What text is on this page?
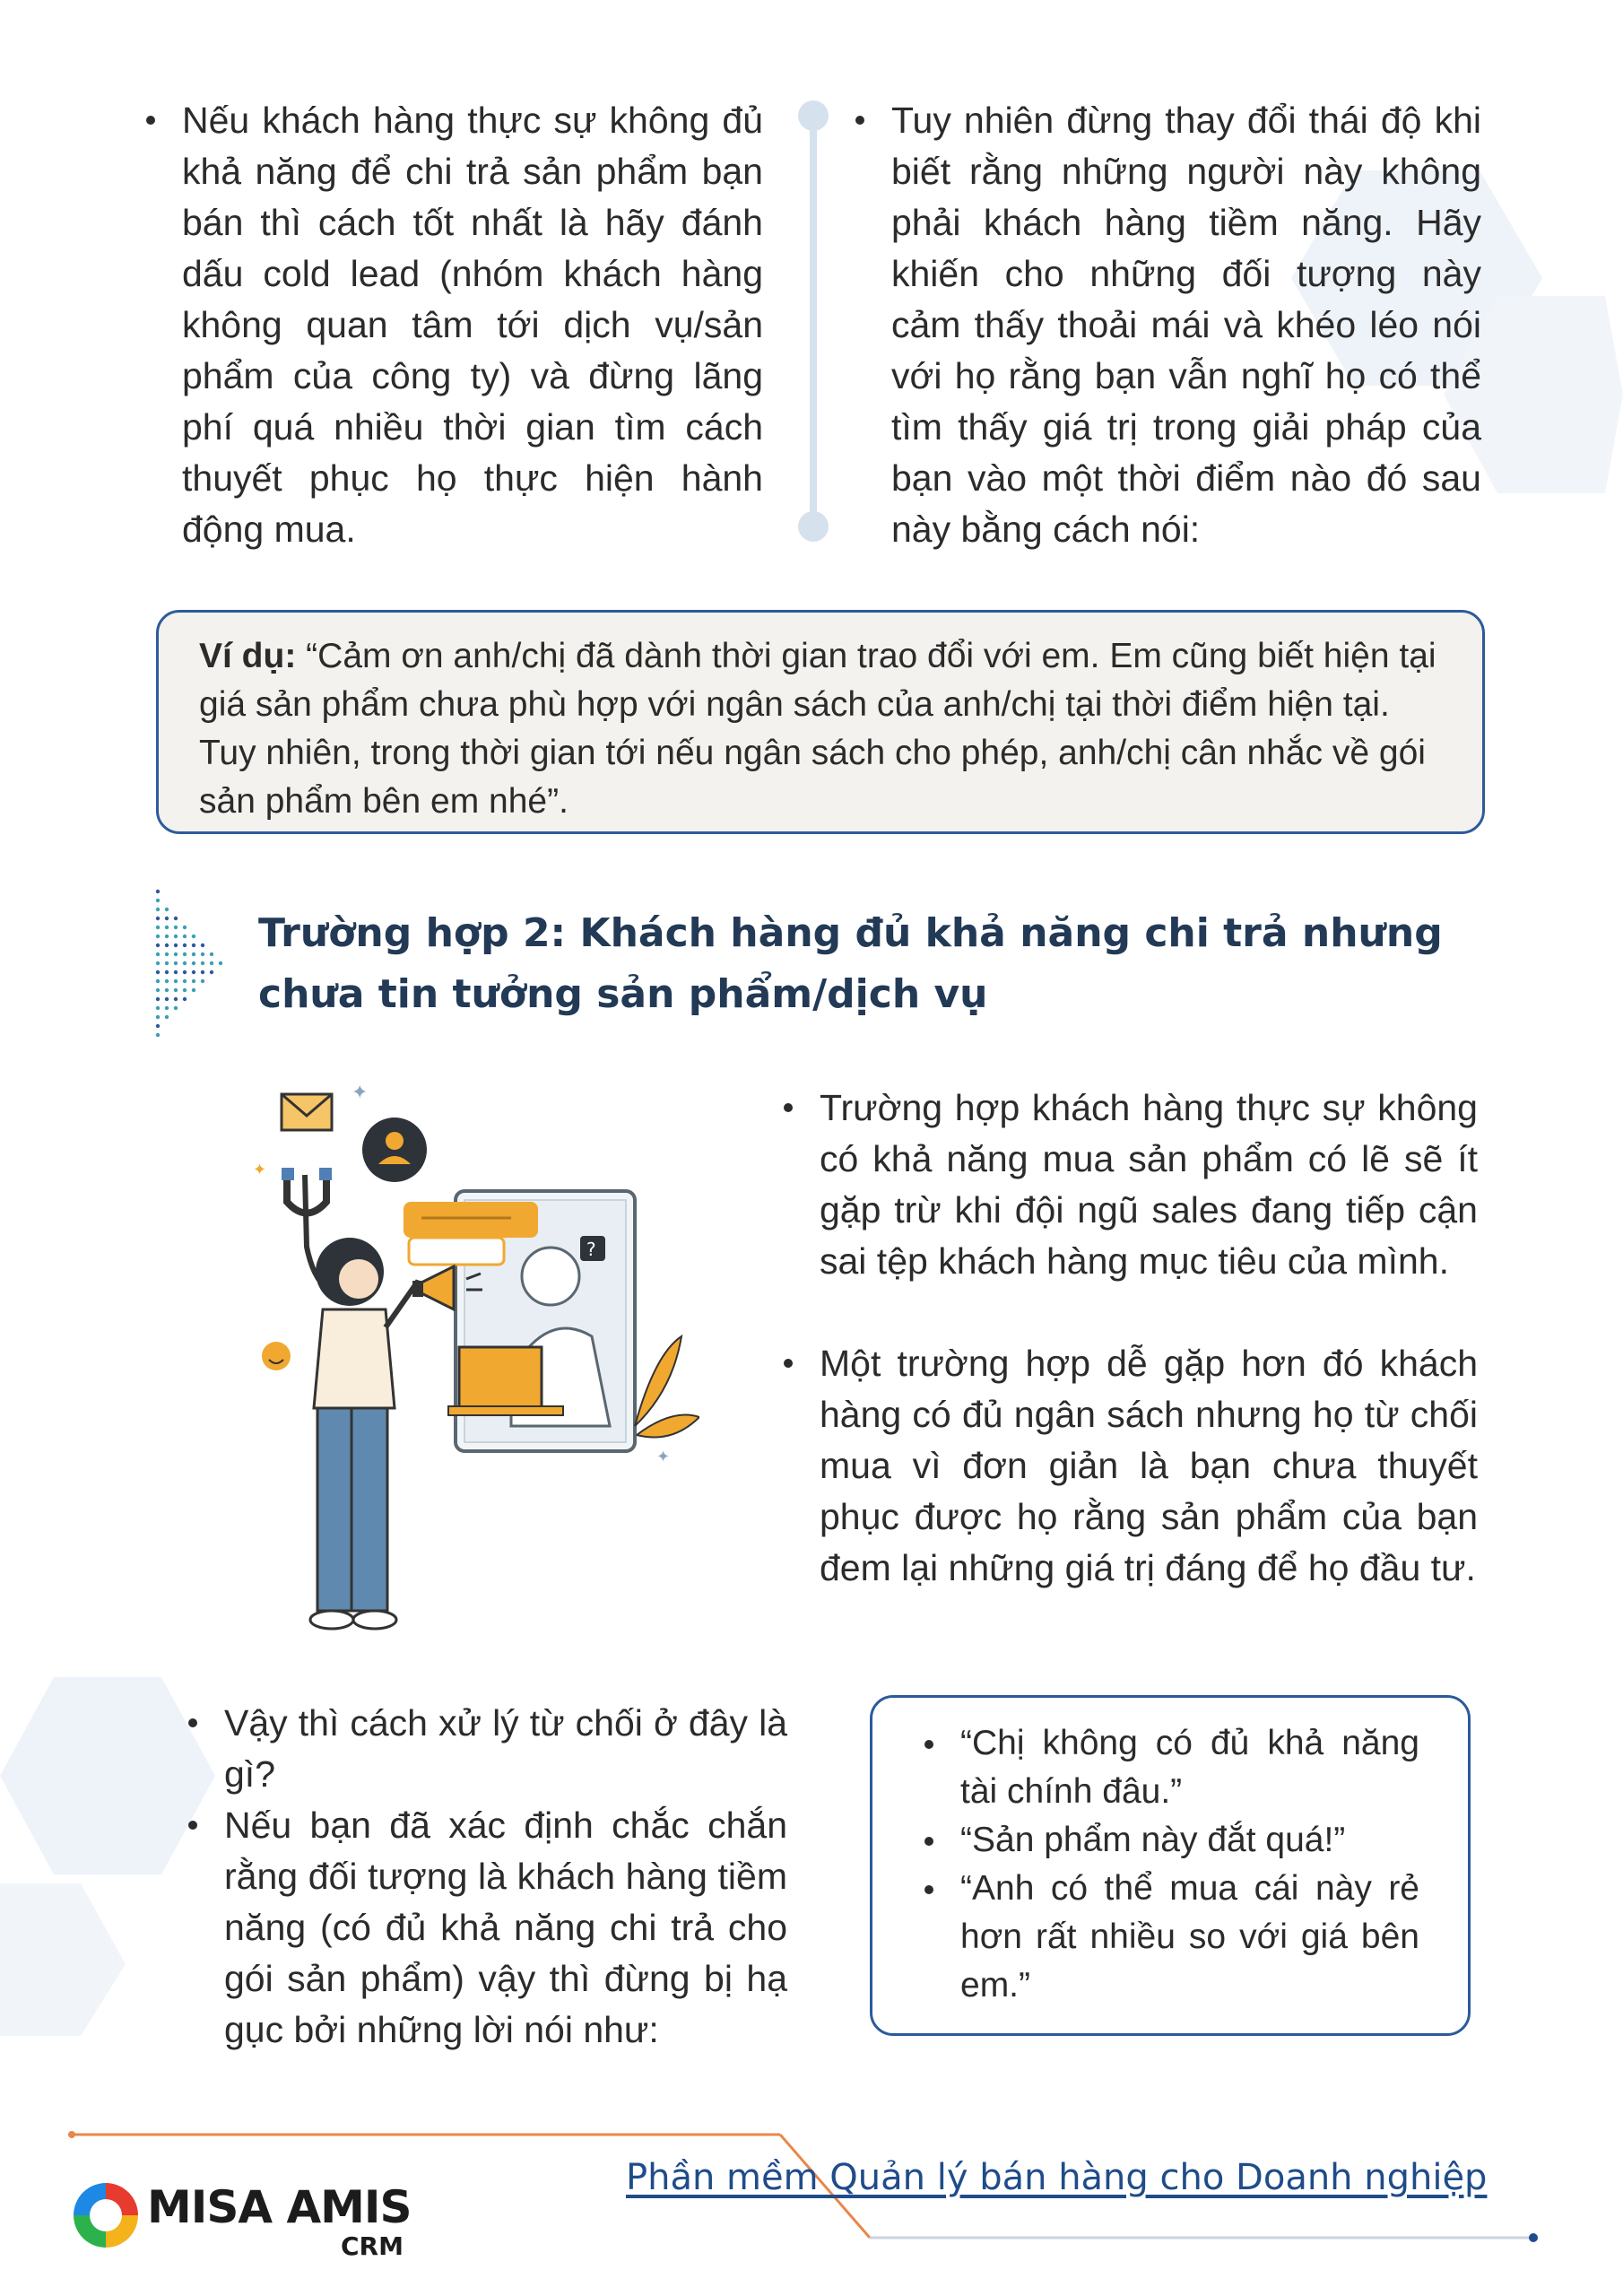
Nếu khách hàng thực sự không đủ khả năng để chi trả sản phẩm bạn bán thì cách tốt nhất là hãy đánh dấu cold lead (nhóm khách hàng không quan tâm tới dịch vụ/sản phẩm của công ty) và đừng lãng phí quá nhiều thời gian tìm cách thuyết phục họ thực hiện hành động mua.
Tuy nhiên đừng thay đổi thái độ khi biết rằng những người này không phải khách hàng tiềm năng. Hãy khiến cho những đối tượng này cảm thấy thoải mái và khéo léo nói với họ rằng bạn vẫn nghĩ họ có thể tìm thấy giá trị trong giải pháp của bạn vào một thời điểm nào đó sau này bằng cách nói:
Ví dụ: “Cảm ơn anh/chị đã dành thời gian trao đổi với em. Em cũng biết hiện tại giá sản phẩm chưa phù hợp với ngân sách của anh/chị tại thời điểm hiện tại. Tuy nhiên, trong thời gian tới nếu ngân sách cho phép, anh/chị cân nhắc về gói sản phẩm bên em nhé”.
Trường hợp 2: Khách hàng đủ khả năng chi trả nhưng chưa tin tưởng sản phẩm/dịch vụ
✦
✦
?
✦
Trường hợp khách hàng thực sự không có khả năng mua sản phẩm có lẽ sẽ ít gặp trừ khi đội ngũ sales đang tiếp cận sai tệp khách hàng mục tiêu của mình.
Một trường hợp dễ gặp hơn đó khách hàng có đủ ngân sách nhưng họ từ chối mua vì đơn giản là bạn chưa thuyết phục được họ rằng sản phẩm của bạn đem lại những giá trị đáng để họ đầu tư.
Vậy thì cách xử lý từ chối ở đây là gì?
Nếu bạn đã xác định chắc chắn rằng đối tượng là khách hàng tiềm năng (có đủ khả năng chi trả cho gói sản phẩm) vậy thì đừng bị hạ gục bởi những lời nói như:
“Chị không có đủ khả năng tài chính đâu.”
“Sản phẩm này đắt quá!”
“Anh có thể mua cái này rẻ hơn rất nhiều so với giá bên em.”
MISA AMIS
CRM
Phần mềm Quản lý bán hàng cho Doanh nghiệp
